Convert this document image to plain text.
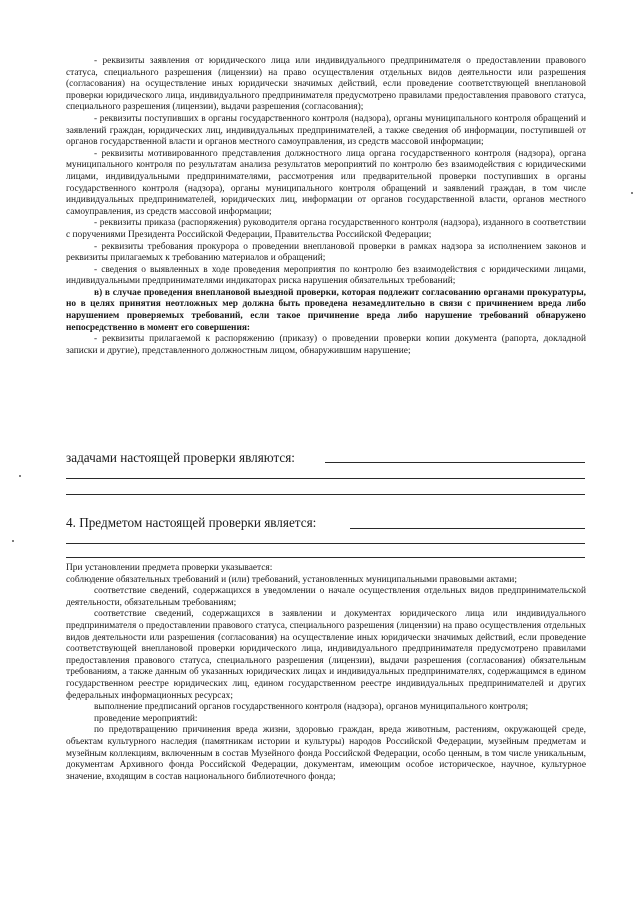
- реквизиты заявления от юридического лица или индивидуального предпринимателя о предоставлении правового статуса, специального разрешения (лицензии) на право осуществления отдельных видов деятельности или разрешения (согласования) на осуществление иных юридически значимых действий, если проведение соответствующей внеплановой проверки юридического лица, индивидуального предпринимателя предусмотрено правилами предоставления правового статуса, специального разрешения (лицензии), выдачи разрешения (согласования);

- реквизиты поступивших в органы государственного контроля (надзора), органы муниципального контроля обращений и заявлений граждан, юридических лиц, индивидуальных предпринимателей, а также сведения об информации, поступившей от органов государственной власти и органов местного самоуправления, из средств массовой информации;

- реквизиты мотивированного представления должностного лица органа государственного контроля (надзора), органа муниципального контроля по результатам анализа результатов мероприятий по контролю без взаимодействия с юридическими лицами, индивидуальными предпринимателями, рассмотрения или предварительной проверки поступивших в органы государственного контроля (надзора), органы муниципального контроля обращений и заявлений граждан, в том числе индивидуальных предпринимателей, юридических лиц, информации от органов государственной власти, органов местного самоуправления, из средств массовой информации;

- реквизиты приказа (распоряжения) руководителя органа государственного контроля (надзора), изданного в соответствии с поручениями Президента Российской Федерации, Правительства Российской Федерации;

- реквизиты требования прокурора о проведении внеплановой проверки в рамках надзора за исполнением законов и реквизиты прилагаемых к требованию материалов и обращений;

- сведения о выявленных в ходе проведения мероприятия по контролю без взаимодействия с юридическими лицами, индивидуальными предпринимателями индикаторах риска нарушения обязательных требований;

в) в случае проведения внеплановой выездной проверки, которая подлежит согласованию органами прокуратуры, но в целях принятия неотложных мер должна быть проведена незамедлительно в связи с причинением вреда либо нарушением проверяемых требований, если такое причинение вреда либо нарушение требований обнаружено непосредственно в момент его совершения:

- реквизиты прилагаемой к распоряжению (приказу) о проведении проверки копии документа (рапорта, докладной записки и другие), представленного должностным лицом, обнаружившим нарушение;

задачами настоящей проверки являются:
4. Предметом настоящей проверки является:

При установлении предмета проверки указывается:

соблюдение обязательных требований и (или) требований, установленных муниципальными правовыми актами;

соответствие сведений, содержащихся в уведомлении о начале осуществления отдельных видов предпринимательской деятельности, обязательным требованиям;

соответствие сведений, содержащихся в заявлении и документах юридического лица или индивидуального предпринимателя о предоставлении правового статуса, специального разрешения (лицензии) на право осуществления отдельных видов деятельности или разрешения (согласования) на осуществление иных юридически значимых действий, если проведение соответствующей внеплановой проверки юридического лица, индивидуального предпринимателя предусмотрено правилами предоставления правового статуса, специального разрешения (лицензии), выдачи разрешения (согласования) обязательным требованиям, а также данным об указанных юридических лицах и индивидуальных предпринимателях, содержащимся в едином государственном реестре юридических лиц, едином государственном реестре индивидуальных предпринимателей и других федеральных информационных ресурсах;

выполнение предписаний органов государственного контроля (надзора), органов муниципального контроля;

проведение мероприятий:

по предотвращению причинения вреда жизни, здоровью граждан, вреда животным, растениям, окружающей среде, объектам культурного наследия (памятникам истории и культуры) народов Российской Федерации, музейным предметам и музейным коллекциям, включенным в состав Музейного фонда Российской Федерации, особо ценным, в том числе уникальным, документам Архивного фонда Российской Федерации, документам, имеющим особое историческое, научное, культурное значение, входящим в состав национального библиотечного фонда;
